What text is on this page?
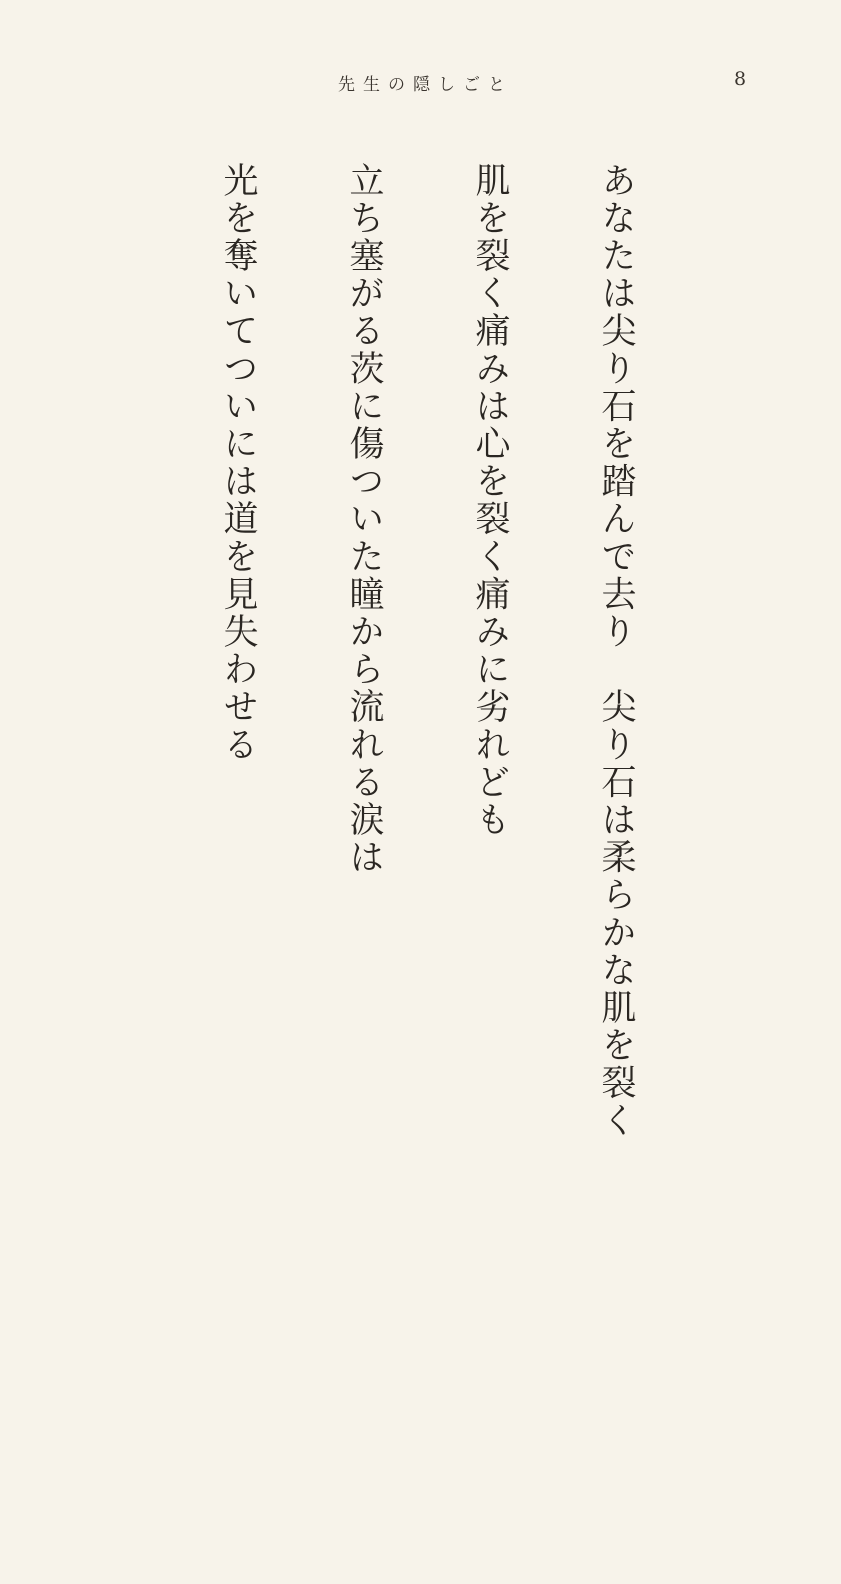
先生の隠しごと	8

あなたは尖り石を踏んで去り　尖り石は柔らかな肌を裂く

肌を裂く痛みは心を裂く痛みに劣れども

立ち塞がる茨に傷ついた瞳から流れる涙は

光を奪いてついには道を見失わせる
